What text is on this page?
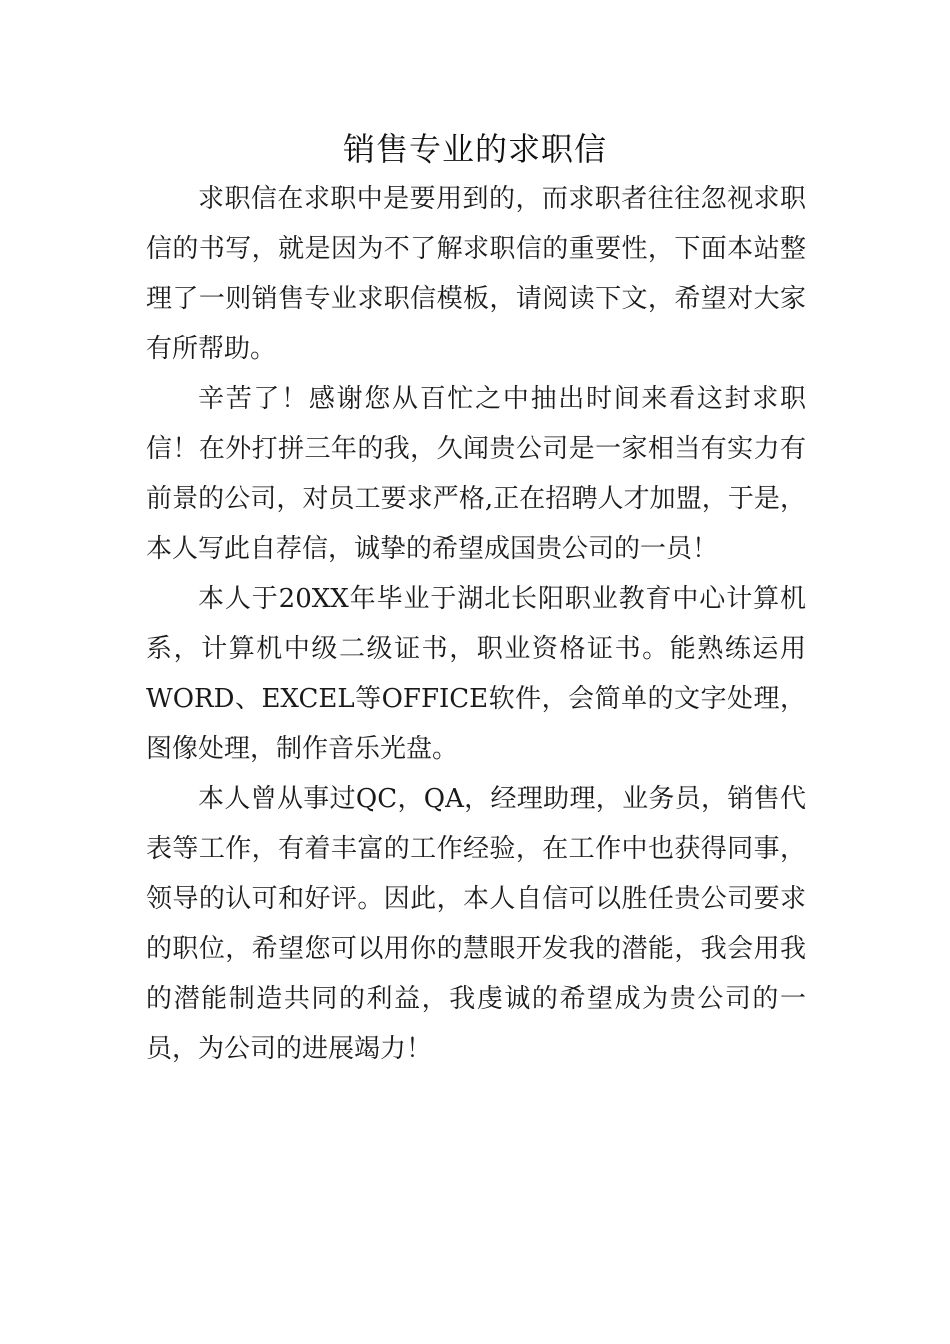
销售专业的求职信

求职信在求职中是要用到的，而求职者往往忽视求职信的书写，就是因为不了解求职信的重要性，下面本站整理了一则销售专业求职信模板，请阅读下文，希望对大家有所帮助。

辛苦了！感谢您从百忙之中抽出时间来看这封求职信！在外打拼三年的我，久闻贵公司是一家相当有实力有前景的公司，对员工要求严格,正在招聘人才加盟，于是，本人写此自荐信，诚挚的希望成国贵公司的一员！

本人于20XX年毕业于湖北长阳职业教育中心计算机系，计算机中级二级证书，职业资格证书。能熟练运用WORD、EXCEL等OFFICE软件，会简单的文字处理，图像处理，制作音乐光盘。

本人曾从事过QC，QA，经理助理，业务员，销售代表等工作，有着丰富的工作经验，在工作中也获得同事，领导的认可和好评。因此，本人自信可以胜任贵公司要求的职位，希望您可以用你的慧眼开发我的潜能，我会用我的潜能制造共同的利益，我虔诚的希望成为贵公司的一员，为公司的进展竭力！
